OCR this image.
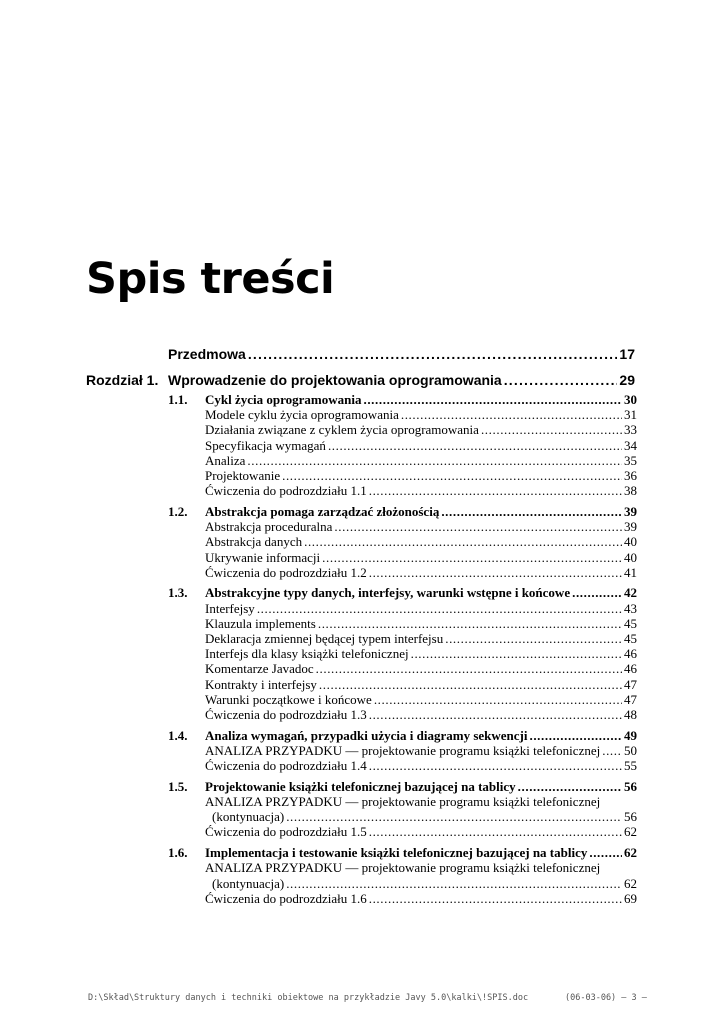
Spis treści
Przedmowa .....	17
Rozdział 1. Wprowadzenie do projektowania oprogramowania .....	29
1.1. Cykl życia oprogramowania .....	30
Modele cyklu życia oprogramowania .....	31
Działania związane z cyklem życia oprogramowania .....	33
Specyfikacja wymagań .....	34
Analiza .....	35
Projektowanie .....	36
Ćwiczenia do podrozdziału 1.1 .....	38
1.2. Abstrakcja pomaga zarządzać złożonością .....	39
Abstrakcja proceduralna .....	39
Abstrakcja danych .....	40
Ukrywanie informacji .....	40
Ćwiczenia do podrozdziału 1.2 .....	41
1.3. Abstrakcyjne typy danych, interfejsy, warunki wstępne i końcowe .....	42
Interfejsy .....	43
Klauzula implements .....	45
Deklaracja zmiennej będącej typem interfejsu .....	45
Interfejs dla klasy książki telefonicznej .....	46
Komentarze Javadoc .....	46
Kontrakty i interfejsy .....	47
Warunki początkowe i końcowe .....	47
Ćwiczenia do podrozdziału 1.3 .....	48
1.4. Analiza wymagań, przypadki użycia i diagramy sekwencji .....	49
ANALIZA PRZYPADKU — projektowanie programu książki telefonicznej ..... 50
Ćwiczenia do podrozdziału 1.4 .....	55
1.5. Projektowanie książki telefonicznej bazującej na tablicy .....	56
ANALIZA PRZYPADKU — projektowanie programu książki telefonicznej
(kontynuacja) .....	56
Ćwiczenia do podrozdziału 1.5 .....	62
1.6. Implementacja i testowanie książki telefonicznej bazującej na tablicy .....	62
ANALIZA PRZYPADKU — projektowanie programu książki telefonicznej
(kontynuacja) .....	62
Ćwiczenia do podrozdziału 1.6 .....	69
D:\Skład\Struktury danych i techniki obiektowe na przykładzie Javy 5.0\kalki\!SPIS.doc	(06-03-06) – 3 –
